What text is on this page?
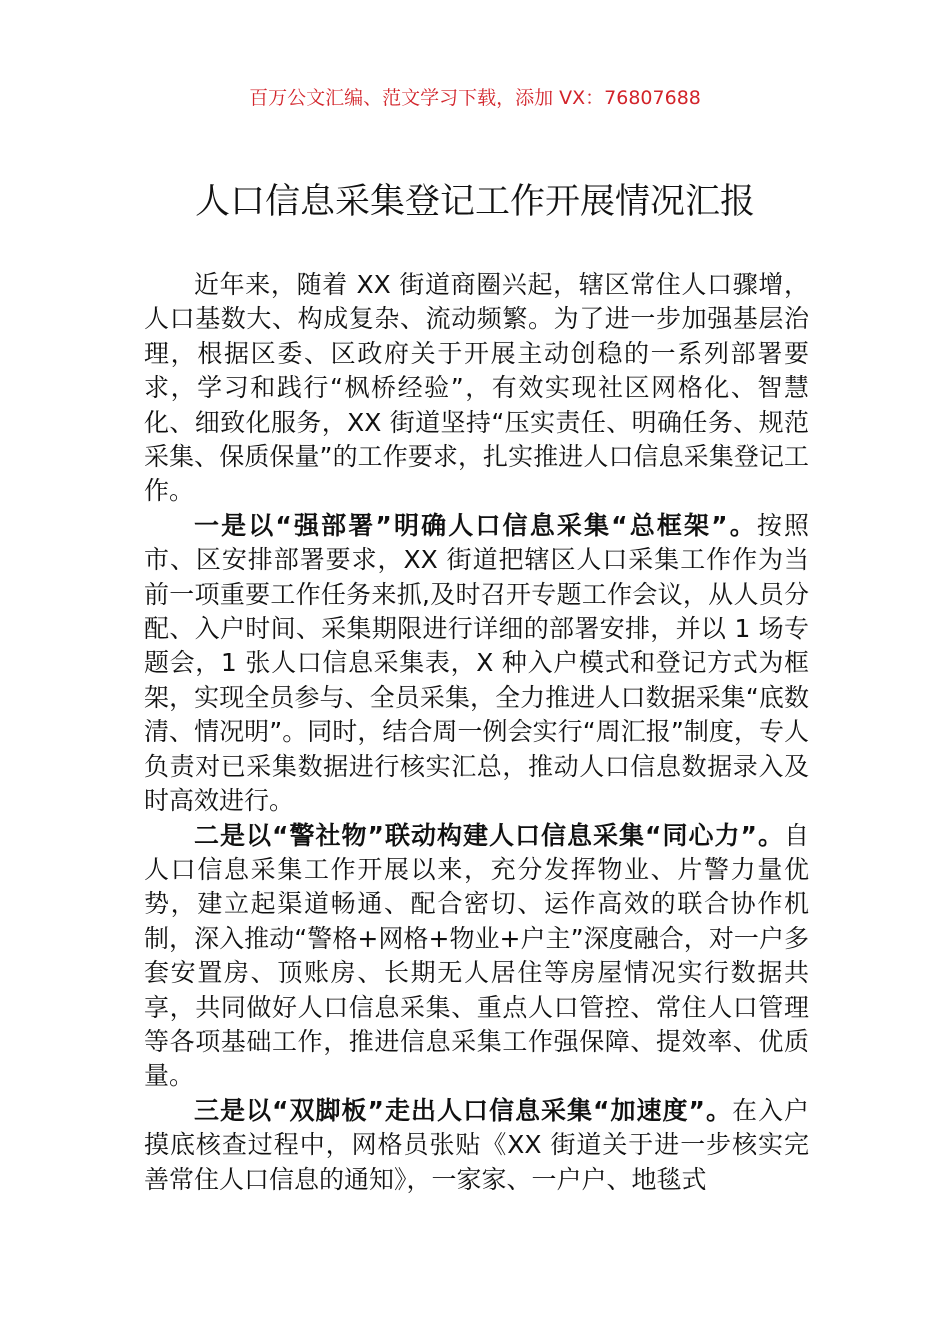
百万公文汇编、范文学习下载，添加 VX：76807688
人口信息采集登记工作开展情况汇报

近年来，随着 XX 街道商圈兴起，辖区常住人口骤增，人口基数大、构成复杂、流动频繁。为了进一步加强基层治理，根据区委、区政府关于开展主动创稳的一系列部署要求，学习和践行“枫桥经验”，有效实现社区网格化、智慧化、细致化服务，XX 街道坚持“压实责任、明确任务、规范采集、保质保量”的工作要求，扎实推进人口信息采集登记工作。

一是以“强部署”明确人口信息采集“总框架”。按照市、区安排部署要求，XX 街道把辖区人口采集工作作为当前一项重要工作任务来抓,及时召开专题工作会议，从人员分配、入户时间、采集期限进行详细的部署安排，并以 1 场专题会，1 张人口信息采集表，X 种入户模式和登记方式为框架，实现全员参与、全员采集，全力推进人口数据采集“底数清、情况明”。同时，结合周一例会实行“周汇报”制度，专人负责对已采集数据进行核实汇总，推动人口信息数据录入及时高效进行。

二是以“警社物”联动构建人口信息采集“同心力”。自人口信息采集工作开展以来，充分发挥物业、片警力量优势，建立起渠道畅通、配合密切、运作高效的联合协作机制，深入推动“警格+网格+物业+户主”深度融合，对一户多套安置房、顶账房、长期无人居住等房屋情况实行数据共享，共同做好人口信息采集、重点人口管控、常住人口管理等各项基础工作，推进信息采集工作强保障、提效率、优质量。

三是以“双脚板”走出人口信息采集“加速度”。在入户摸底核查过程中，网格员张贴《XX 街道关于进一步核实完善常住人口信息的通知》，一家家、一户户、地毯式
